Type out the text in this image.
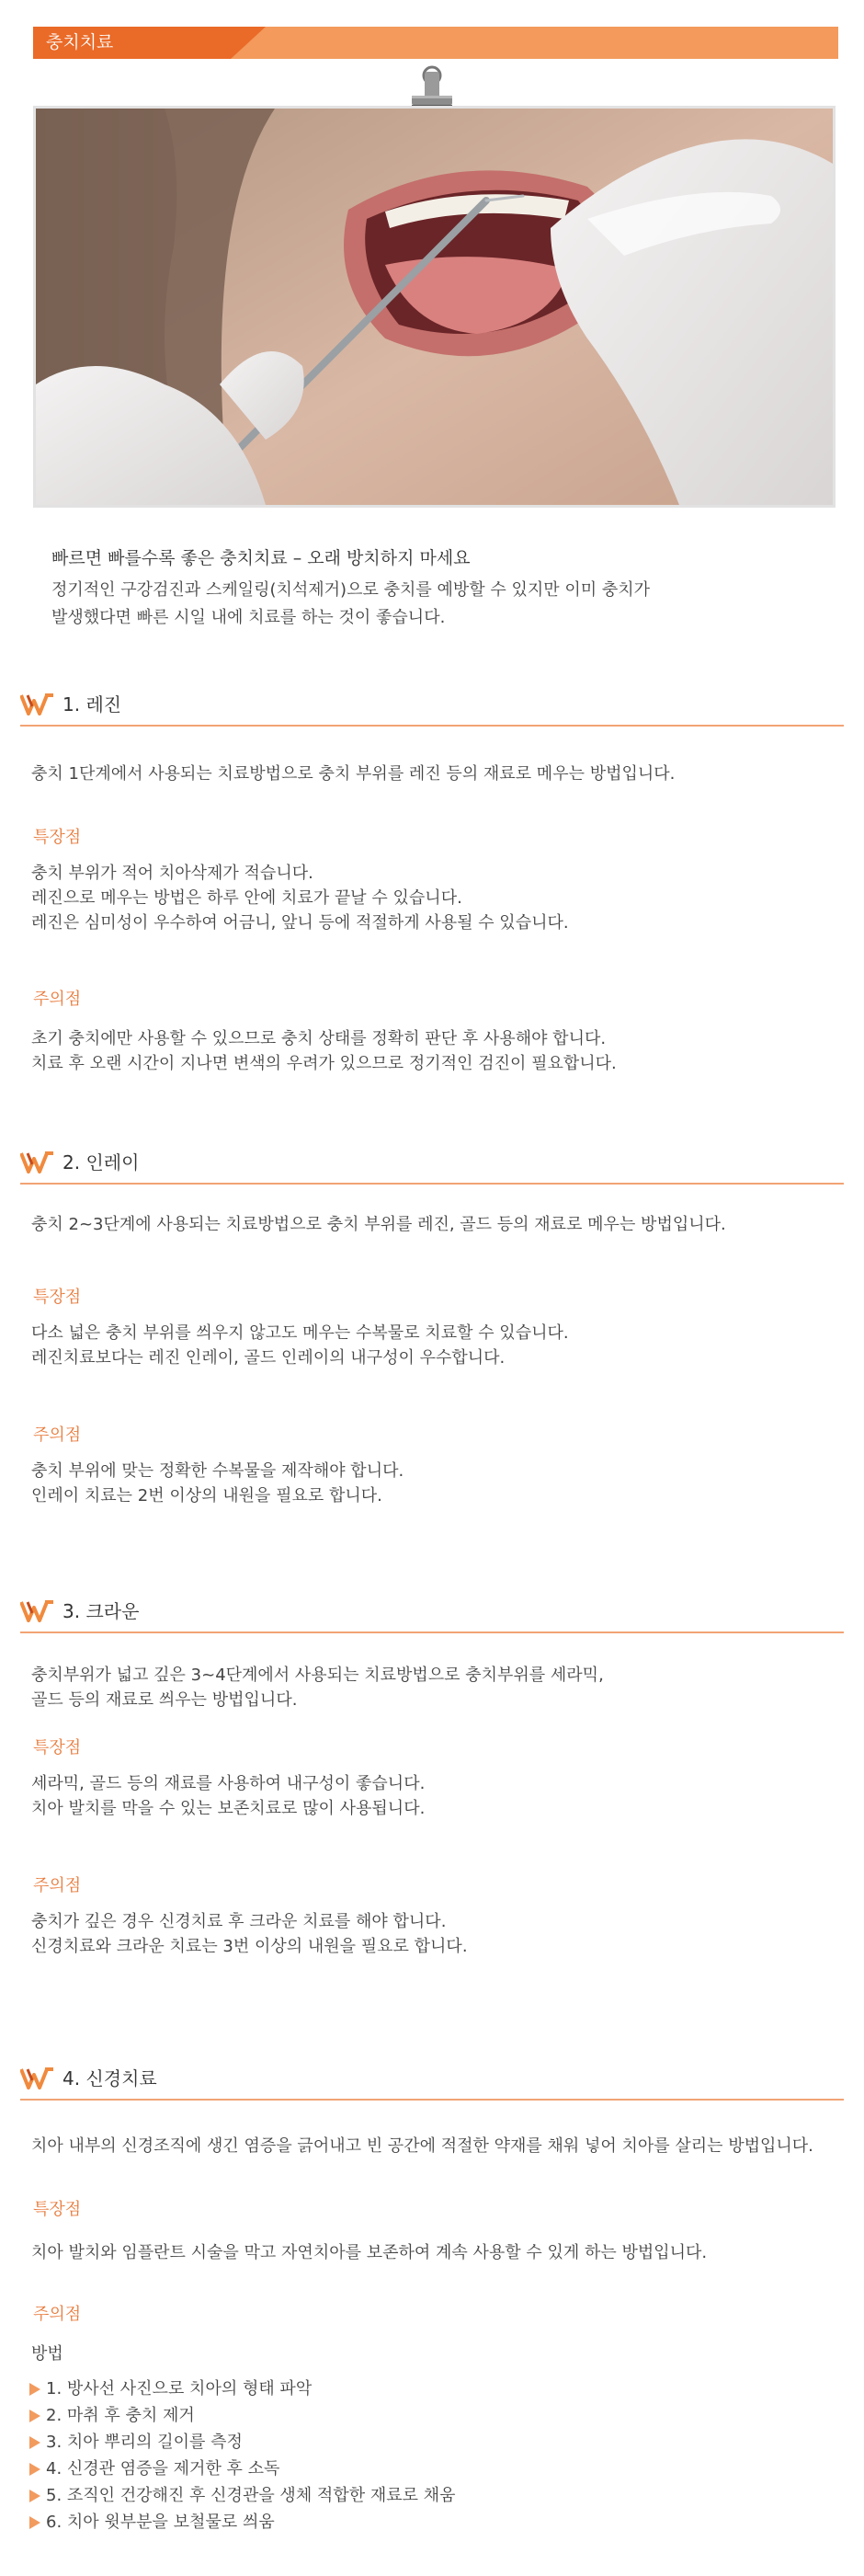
충치치료

빠르면 빠를수록 좋은 충치치료 – 오래 방치하지 마세요

정기적인 구강검진과 스케일링(치석제거)으로 충치를 예방할 수 있지만 이미 충치가

발생했다면 빠른 시일 내에 치료를 하는 것이 좋습니다.

1. 레진

충치 1단계에서 사용되는 치료방법으로 충치 부위를 레진 등의 재료로 메우는 방법입니다.

특장점

충치 부위가 적어 치아삭제가 적습니다.

레진으로 메우는 방법은 하루 안에 치료가 끝날 수 있습니다.

레진은 심미성이 우수하여 어금니, 앞니 등에 적절하게 사용될 수 있습니다.

주의점

초기 충치에만 사용할 수 있으므로 충치 상태를 정확히 판단 후 사용해야 합니다.

치료 후 오랜 시간이 지나면 변색의 우려가 있으므로 정기적인 검진이 필요합니다.

2. 인레이

충치 2~3단계에 사용되는 치료방법으로 충치 부위를 레진, 골드 등의 재료로 메우는 방법입니다.

특장점

다소 넓은 충치 부위를 씌우지 않고도 메우는 수복물로 치료할 수 있습니다.

레진치료보다는 레진 인레이, 골드 인레이의 내구성이 우수합니다.

주의점

충치 부위에 맞는 정확한 수복물을 제작해야 합니다.

인레이 치료는 2번 이상의 내원을 필요로 합니다.

3. 크라운

충치부위가 넓고 깊은 3~4단계에서 사용되는 치료방법으로 충치부위를 세라믹,

골드 등의 재료로 씌우는 방법입니다.

특장점

세라믹, 골드 등의 재료를 사용하여 내구성이 좋습니다.

치아 발치를 막을 수 있는 보존치료로 많이 사용됩니다.

주의점

충치가 깊은 경우 신경치료 후 크라운 치료를 해야 합니다.

신경치료와 크라운 치료는 3번 이상의 내원을 필요로 합니다.

4. 신경치료

치아 내부의 신경조직에 생긴 염증을 긁어내고 빈 공간에 적절한 약재를 채워 넣어 치아를 살리는 방법입니다.

특장점

치아 발치와 임플란트 시술을 막고 자연치아를 보존하여 계속 사용할 수 있게 하는 방법입니다.

주의점

방법

1. 방사선 사진으로 치아의 형태 파악
2. 마취 후 충치 제거
3. 치아 뿌리의 길이를 측정
4. 신경관 염증을 제거한 후 소독
5. 조직인 건강해진 후 신경관을 생체 적합한 재료로 채움
6. 치아 윗부분을 보철물로 씌움
